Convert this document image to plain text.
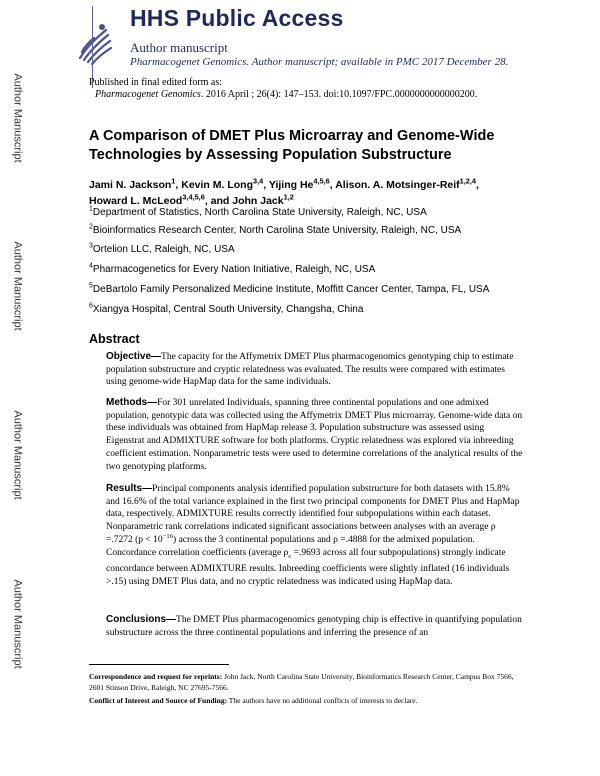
HHS Public Access
Author manuscript
Pharmacogenet Genomics. Author manuscript; available in PMC 2017 December 28.
Author Manuscript
Author Manuscript
Author Manuscript
Author Manuscript
Published in final edited form as:
Pharmacogenet Genomics. 2016 April ; 26(4): 147–153. doi:10.1097/FPC.0000000000000200.
A Comparison of DMET Plus Microarray and Genome-Wide Technologies by Assessing Population Substructure
Jami N. Jackson$^1$, Kevin M. Long$^{3,4}$, Yijing He$^{4,5,6}$, Alison. A. Motsinger-Reif$^{1,2,4}$, Howard L. McLeod$^{3,4,5,6}$, and John Jack$^{1,2}$
$^1$Department of Statistics, North Carolina State University, Raleigh, NC, USA
$^2$Bioinformatics Research Center, North Carolina State University, Raleigh, NC, USA
$^3$Ortelion LLC, Raleigh, NC, USA
$^4$Pharmacogenetics for Every Nation Initiative, Raleigh, NC, USA
$^5$DeBartolo Family Personalized Medicine Institute, Moffitt Cancer Center, Tampa, FL, USA
$^6$Xiangya Hospital, Central South University, Changsha, China
Abstract
Objective—The capacity for the Affymetrix DMET Plus pharmacogenomics genotyping chip to estimate population substructure and cryptic relatedness was evaluated. The results were compared with estimates using genome-wide HapMap data for the same individuals.
Methods—For 301 unrelated Individuals, spanning three continental populations and one admixed population, genotypic data was collected using the Affymetrix DMET Plus microarray. Genome-wide data on these individuals was obtained from HapMap release 3. Population substructure was assessed using Eigenstrat and ADMIXTURE software for both platforms. Cryptic relatedness was explored via inbreeding coefficient estimation. Nonparametric tests were used to determine correlations of the analytical results of the two genotyping platforms.
Results—Principal components analysis identified population substructure for both datasets with 15.8% and 16.6% of the total variance explained in the first two principal components for DMET Plus and HapMap data, respectively. ADMIXTURE results correctly identified four subpopulations within each dataset. Nonparametric rank correlations indicated significant associations between analyses with an average ρ =.7272 $(p < 10^{-16})$ across the 3 continental populations and ρ =.4888 for the admixed population. Concordance correlation coefficients (average $\rho_c =.9693$ across all four subpopulations) strongly indicate concordance between ADMIXTURE results. Inbreeding coefficients were slightly inflated (16 individuals >.15) using DMET Plus data, and no cryptic relatedness was indicated using HapMap data.
Conclusions—The DMET Plus pharmacogenomics genotyping chip is effective in quantifying population substructure across the three continental populations and inferring the presence of an
Correspondence and request for reprints: John Jack, North Carolina State University, Bioinformatics Research Center, Campus Box 7566, 2601 Stinson Drive, Raleigh, NC 27695-7566.
Conflict of Interest and Source of Funding: The authors have no additional conflicts of interests to declare.
